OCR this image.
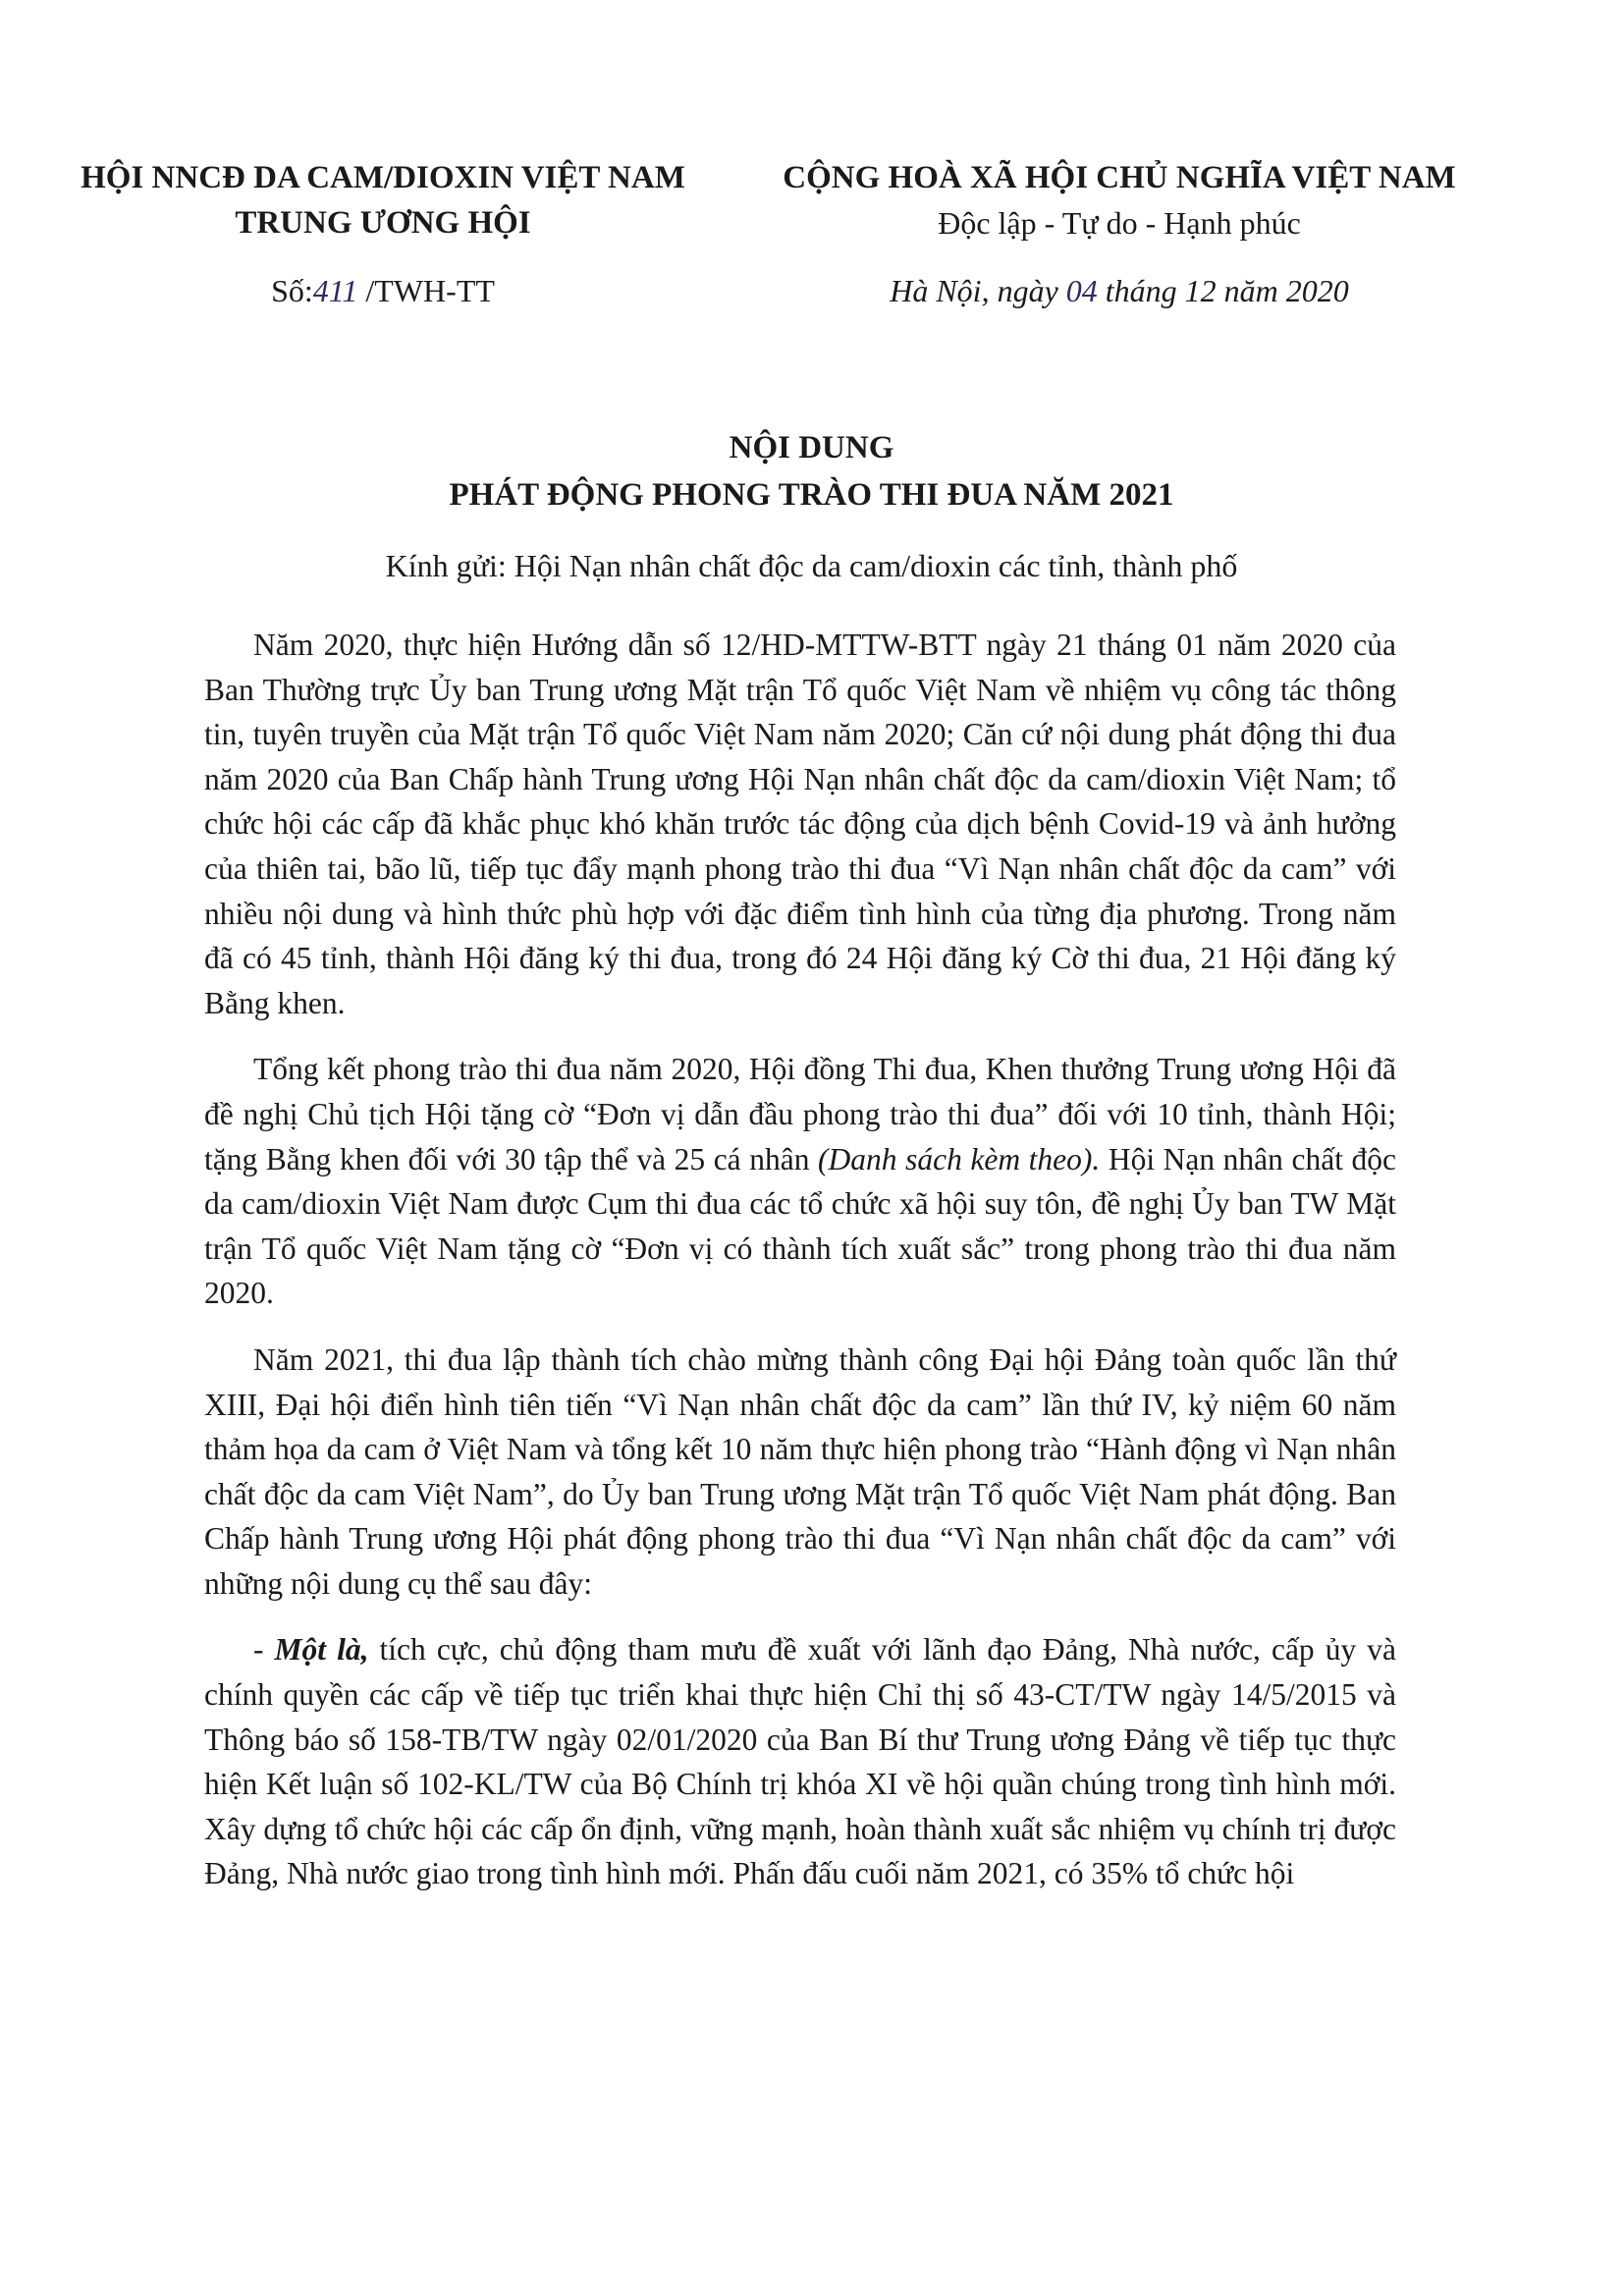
HỘI NNCĐ DA CAM/DIOXIN VIỆT NAM
TRUNG ƯƠNG HỘI
CỘNG HOÀ XÃ HỘI CHỦ NGHĨA VIỆT NAM
Độc lập - Tự do - Hạnh phúc
Số:411 /TWH-TT	Hà Nội, ngày 04 tháng 12 năm 2020
NỘI DUNG
PHÁT ĐỘNG PHONG TRÀO THI ĐUA NĂM 2021
Kính gửi: Hội Nạn nhân chất độc da cam/dioxin các tỉnh, thành phố

Năm 2020, thực hiện Hướng dẫn số 12/HD-MTTW-BTT ngày 21 tháng 01 năm 2020 của Ban Thường trực Ủy ban Trung ương Mặt trận Tổ quốc Việt Nam về nhiệm vụ công tác thông tin, tuyên truyền của Mặt trận Tổ quốc Việt Nam năm 2020; Căn cứ nội dung phát động thi đua năm 2020 của Ban Chấp hành Trung ương Hội Nạn nhân chất độc da cam/dioxin Việt Nam; tổ chức hội các cấp đã khắc phục khó khăn trước tác động của dịch bệnh Covid-19 và ảnh hưởng của thiên tai, bão lũ, tiếp tục đẩy mạnh phong trào thi đua “Vì Nạn nhân chất độc da cam” với nhiều nội dung và hình thức phù hợp với đặc điểm tình hình của từng địa phương. Trong năm đã có 45 tỉnh, thành Hội đăng ký thi đua, trong đó 24 Hội đăng ký Cờ thi đua, 21 Hội đăng ký Bằng khen.

Tổng kết phong trào thi đua năm 2020, Hội đồng Thi đua, Khen thưởng Trung ương Hội đã đề nghị Chủ tịch Hội tặng cờ “Đơn vị dẫn đầu phong trào thi đua” đối với 10 tỉnh, thành Hội; tặng Bằng khen đối với 30 tập thể và 25 cá nhân (Danh sách kèm theo). Hội Nạn nhân chất độc da cam/dioxin Việt Nam được Cụm thi đua các tổ chức xã hội suy tôn, đề nghị Ủy ban TW Mặt trận Tổ quốc Việt Nam tặng cờ “Đơn vị có thành tích xuất sắc” trong phong trào thi đua năm 2020.

Năm 2021, thi đua lập thành tích chào mừng thành công Đại hội Đảng toàn quốc lần thứ XIII, Đại hội điển hình tiên tiến “Vì Nạn nhân chất độc da cam” lần thứ IV, kỷ niệm 60 năm thảm họa da cam ở Việt Nam và tổng kết 10 năm thực hiện phong trào “Hành động vì Nạn nhân chất độc da cam Việt Nam”, do Ủy ban Trung ương Mặt trận Tổ quốc Việt Nam phát động. Ban Chấp hành Trung ương Hội phát động phong trào thi đua “Vì Nạn nhân chất độc da cam” với những nội dung cụ thể sau đây:

- Một là, tích cực, chủ động tham mưu đề xuất với lãnh đạo Đảng, Nhà nước, cấp ủy và chính quyền các cấp về tiếp tục triển khai thực hiện Chỉ thị số 43-CT/TW ngày 14/5/2015 và Thông báo số 158-TB/TW ngày 02/01/2020 của Ban Bí thư Trung ương Đảng về tiếp tục thực hiện Kết luận số 102-KL/TW của Bộ Chính trị khóa XI về hội quần chúng trong tình hình mới. Xây dựng tổ chức hội các cấp ổn định, vững mạnh, hoàn thành xuất sắc nhiệm vụ chính trị được Đảng, Nhà nước giao trong tình hình mới. Phấn đấu cuối năm 2021, có 35% tổ chức hội
